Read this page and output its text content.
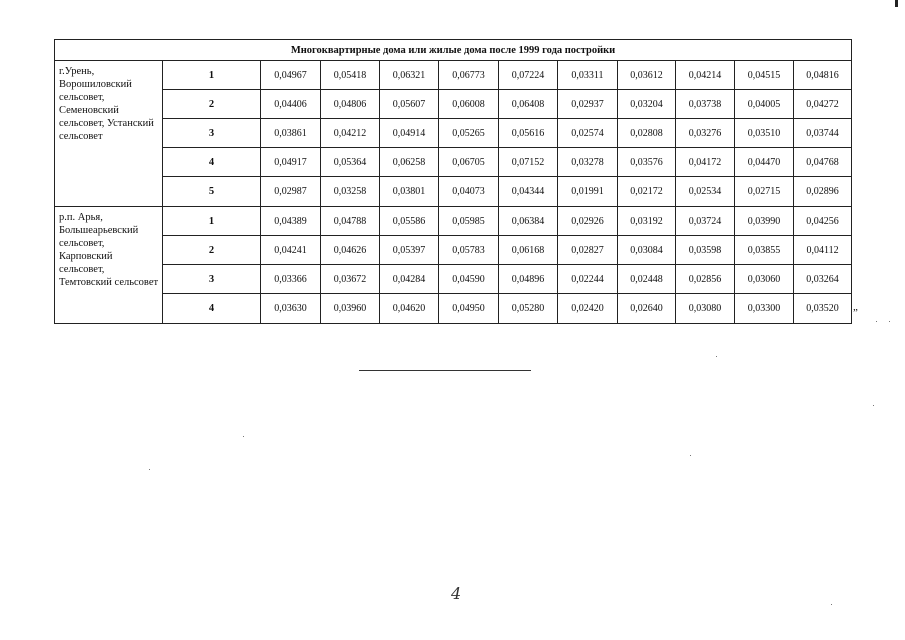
Многоквартирные дома или жилые дома после 1999 года постройки											
г.Урень, Ворошиловский сельсовет, Семеновский сельсовет, Устанский сельсовет	1	0,04967	0,05418	0,06321	0,06773	0,07224	0,03311	0,03612	0,04214	0,04515	0,04816
	2	0,04406	0,04806	0,05607	0,06008	0,06408	0,02937	0,03204	0,03738	0,04005	0,04272
	3	0,03861	0,04212	0,04914	0,05265	0,05616	0,02574	0,02808	0,03276	0,03510	0,03744
	4	0,04917	0,05364	0,06258	0,06705	0,07152	0,03278	0,03576	0,04172	0,04470	0,04768
	5	0,02987	0,03258	0,03801	0,04073	0,04344	0,01991	0,02172	0,02534	0,02715	0,02896
р.п. Арья, Большеарьевский сельсовет, Карповский сельсовет, Темтовский сельсовет	1	0,04389	0,04788	0,05586	0,05985	0,06384	0,02926	0,03192	0,03724	0,03990	0,04256
	2	0,04241	0,04626	0,05397	0,05783	0,06168	0,02827	0,03084	0,03598	0,03855	0,04112
	3	0,03366	0,03672	0,04284	0,04590	0,04896	0,02244	0,02448	0,02856	0,03060	0,03264
	4	0,03630	0,03960	0,04620	0,04950	0,05280	0,02420	0,02640	0,03080	0,03300	0,03520 ”
4
